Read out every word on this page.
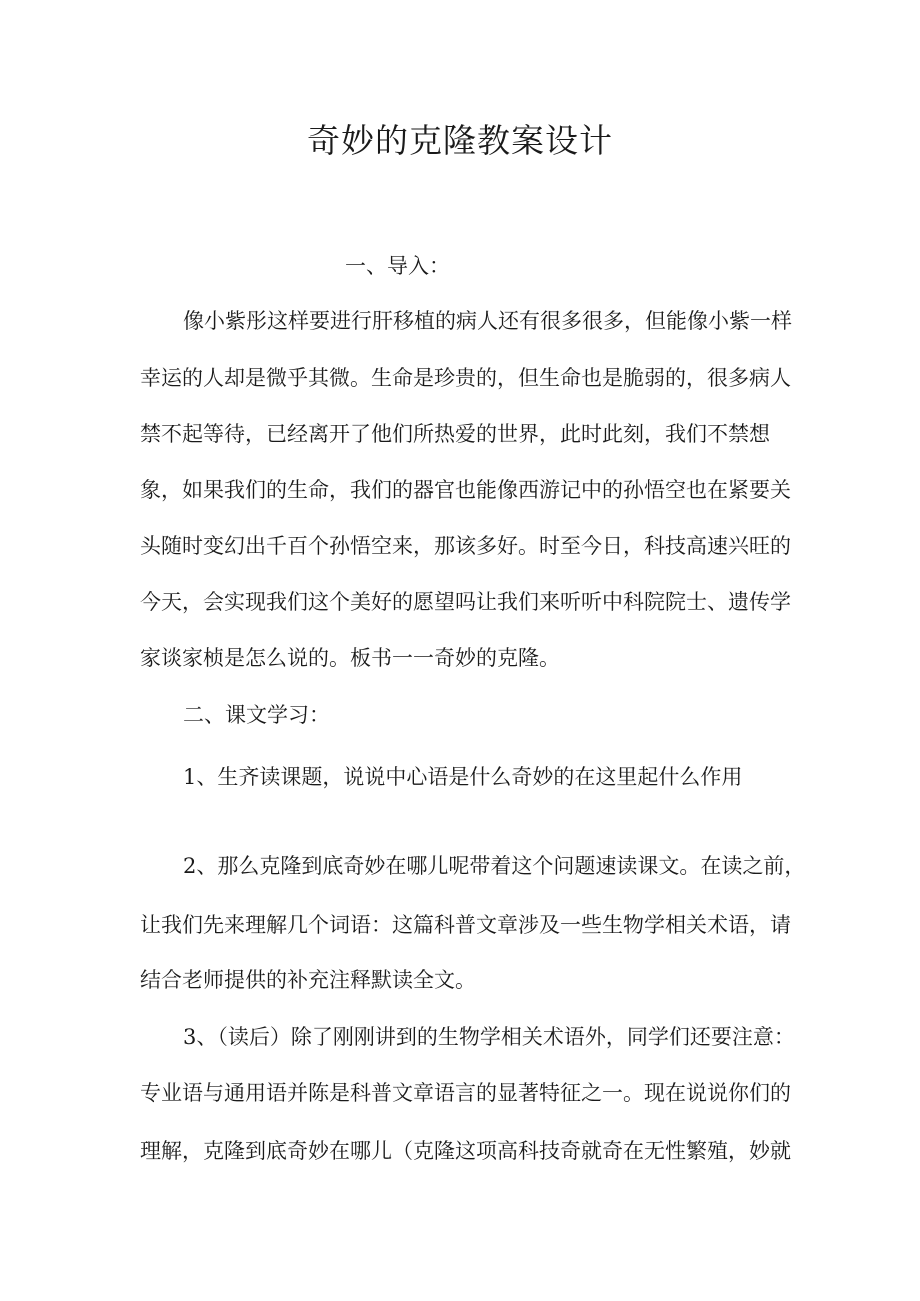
奇妙的克隆教案设计
一、导入：
像小紫彤这样要进行肝移植的病人还有很多很多，但能像小紫一样
幸运的人却是微乎其微。生命是珍贵的，但生命也是脆弱的，很多病人
禁不起等待，已经离开了他们所热爱的世界，此时此刻，我们不禁想
象，如果我们的生命，我们的器官也能像西游记中的孙悟空也在紧要关
头随时变幻出千百个孙悟空来，那该多好。时至今日，科技高速兴旺的
今天，会实现我们这个美好的愿望吗让我们来听听中科院院士、遗传学
家谈家桢是怎么说的。板书一一奇妙的克隆。
二、课文学习：
1、生齐读课题，说说中心语是什么奇妙的在这里起什么作用
2、那么克隆到底奇妙在哪儿呢带着这个问题速读课文。在读之前，
让我们先来理解几个词语：这篇科普文章涉及一些生物学相关术语，请
结合老师提供的补充注释默读全文。
3、（读后）除了刚刚讲到的生物学相关术语外，同学们还要注意：
专业语与通用语并陈是科普文章语言的显著特征之一。现在说说你们的
理解，克隆到底奇妙在哪儿（克隆这项高科技奇就奇在无性繁殖，妙就
